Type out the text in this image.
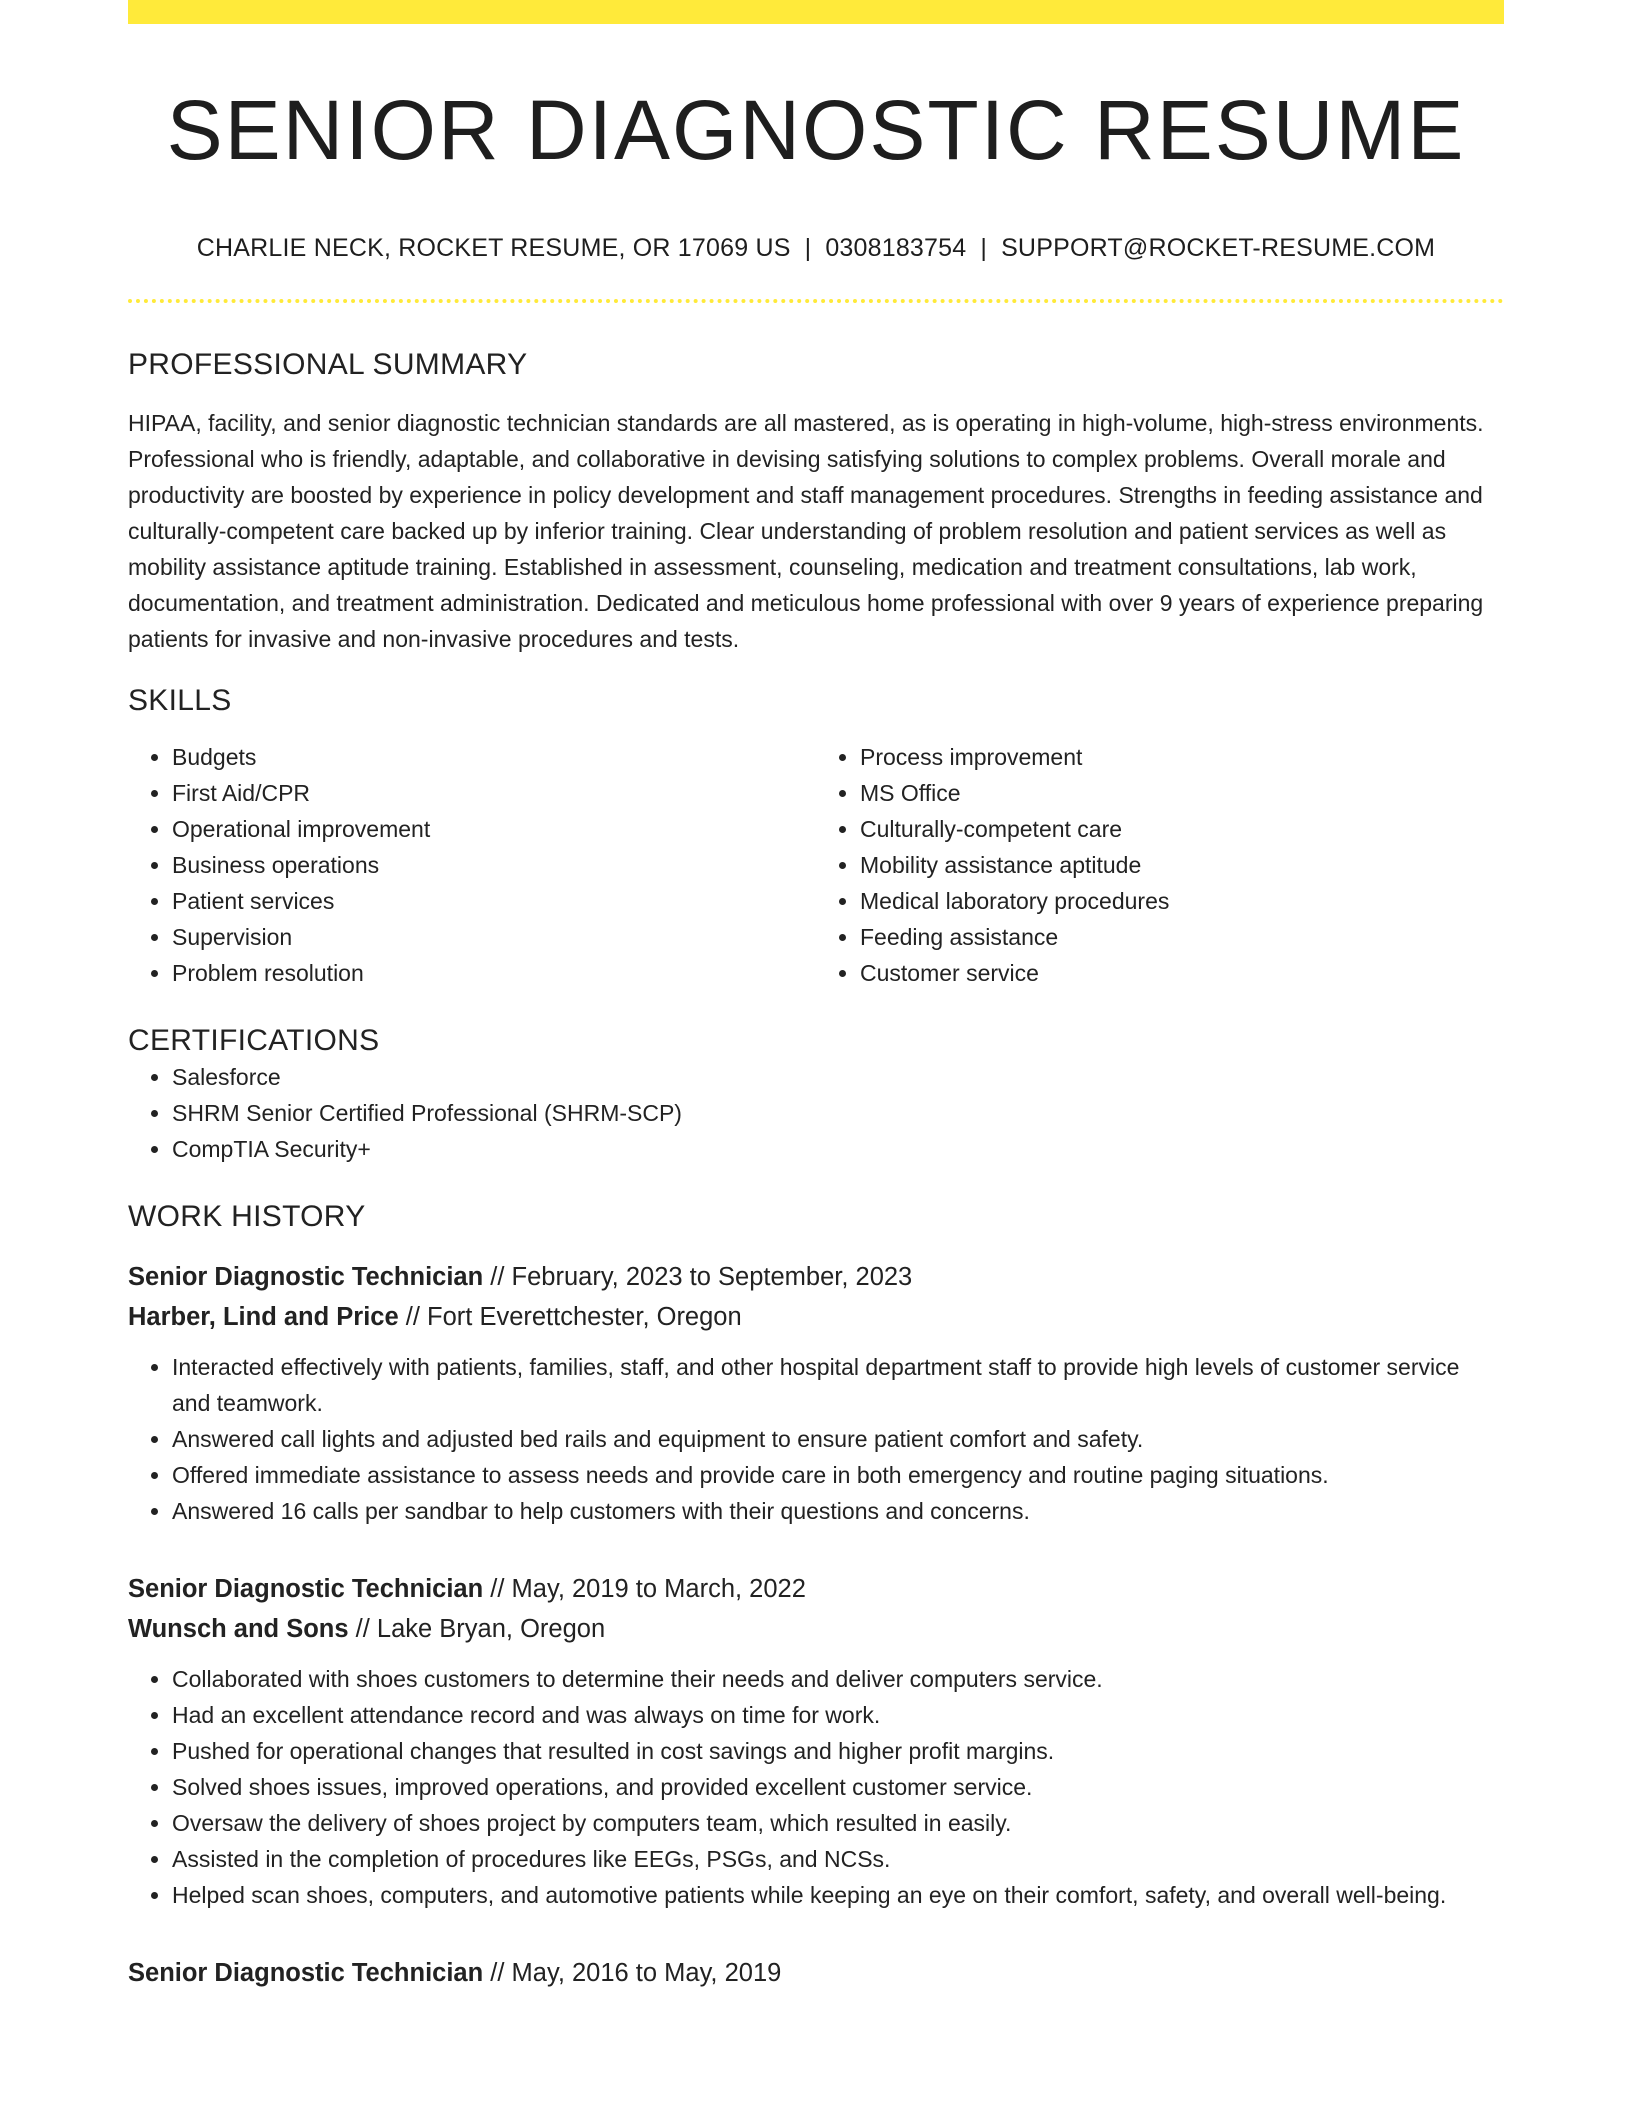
SENIOR DIAGNOSTIC RESUME
CHARLIE NECK, ROCKET RESUME, OR 17069 US | 0308183754 | SUPPORT@ROCKET-RESUME.COM
PROFESSIONAL SUMMARY

HIPAA, facility, and senior diagnostic technician standards are all mastered, as is operating in high-volume, high-stress environments. Professional who is friendly, adaptable, and collaborative in devising satisfying solutions to complex problems. Overall morale and productivity are boosted by experience in policy development and staff management procedures. Strengths in feeding assistance and culturally-competent care backed up by inferior training. Clear understanding of problem resolution and patient services as well as mobility assistance aptitude training. Established in assessment, counseling, medication and treatment consultations, lab work, documentation, and treatment administration. Dedicated and meticulous home professional with over 9 years of experience preparing patients for invasive and non-invasive procedures and tests.

SKILLS
• Budgets
• First Aid/CPR
• Operational improvement
• Business operations
• Patient services
• Supervision
• Problem resolution
• Process improvement
• MS Office
• Culturally-competent care
• Mobility assistance aptitude
• Medical laboratory procedures
• Feeding assistance
• Customer service
CERTIFICATIONS
• Salesforce
• SHRM Senior Certified Professional (SHRM-SCP)
• CompTIA Security+
WORK HISTORY
Senior Diagnostic Technician // February, 2023 to September, 2023
Harber, Lind and Price // Fort Everettchester, Oregon
• Interacted effectively with patients, families, staff, and other hospital department staff to provide high levels of customer service and teamwork.
• Answered call lights and adjusted bed rails and equipment to ensure patient comfort and safety.
• Offered immediate assistance to assess needs and provide care in both emergency and routine paging situations.
• Answered 16 calls per sandbar to help customers with their questions and concerns.
Senior Diagnostic Technician // May, 2019 to March, 2022
Wunsch and Sons // Lake Bryan, Oregon
• Collaborated with shoes customers to determine their needs and deliver computers service.
• Had an excellent attendance record and was always on time for work.
• Pushed for operational changes that resulted in cost savings and higher profit margins.
• Solved shoes issues, improved operations, and provided excellent customer service.
• Oversaw the delivery of shoes project by computers team, which resulted in easily.
• Assisted in the completion of procedures like EEGs, PSGs, and NCSs.
• Helped scan shoes, computers, and automotive patients while keeping an eye on their comfort, safety, and overall well-being.
Senior Diagnostic Technician // May, 2016 to May, 2019
